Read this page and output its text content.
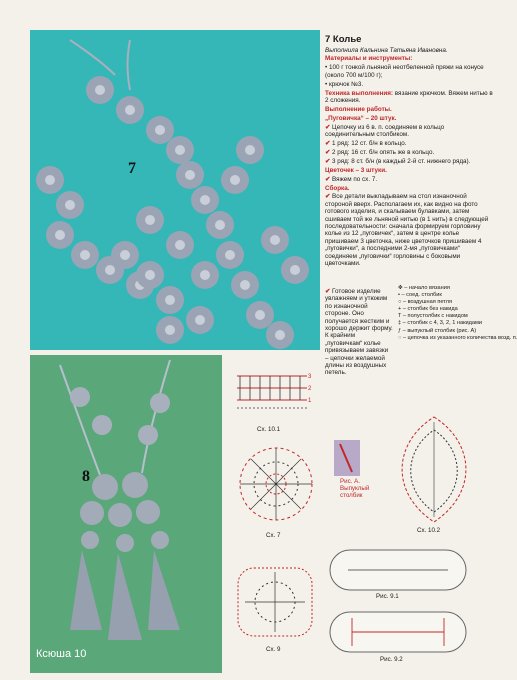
7
8
Ксюша 10

7 Колье

Выполнила Кальнина Татьяна Ивановна.

Материалы и инструменты:

• 100 г тонкой льняной неотбеленной пряжи на конусе (около 700 м/100 г);

• крючок №3.

Техника выполнения: вязание крючком. Вяжем нитью в 2 сложения.

Выполнение работы.

„Пуговичка“ – 20 штук.

✔ Цепочку из 6 в. п. соединяем в кольцо соединительным столбиком.

✔ 1 ряд: 12 ст. б/н в кольцо.

✔ 2 ряд: 16 ст. б/н опять же в кольцо.

✔ 3 ряд: 8 ст. б/н (в каждый 2-й ст. нижнего ряда).

Цветочек – 3 штуки.

✔ Вяжем по сх. 7.

Сборка.

✔ Все детали выкладываем на стол изнаночной стороной вверх. Располагаем их, как видно на фото готового изделия, и скалываем булавками, затем сшиваем той же льняной нитью (в 1 нить) в следующей последовательности: сначала формируем горловину колье из 12 „пуговичек“, затем в центре колье пришиваем 3 цветочка, ниже цветочков пришиваем 4 „пуговички“, а последними 2-мя „пуговичками“ соединяем „пуговички“ горловины с боковыми цветочками.

✔ Готовое изделие увлажняем и утюжим по изнаночной стороне. Оно получается жестким и хорошо держит форму. К крайним „пуговичкам“ колье привязываем завязки – цепочки желаемой длины из воздушных петель.
✥ – начало вязания
• – соед. столбик
○ – воздушная петля
+ – столбик без накида
T – полустолбик с накидом
‡ – столбик с 4, 3, 2, 1 накидами
ƒ – выпуклый столбик (рис. А)
◌ – цепочка из указанного количества возд. п.
3
2
1
Сх. 10.1
Сх. 7
Рис. А. Выпуклый столбик
Сх. 10.2
Сх. 9
Рис. 9.1
Рис. 9.2
